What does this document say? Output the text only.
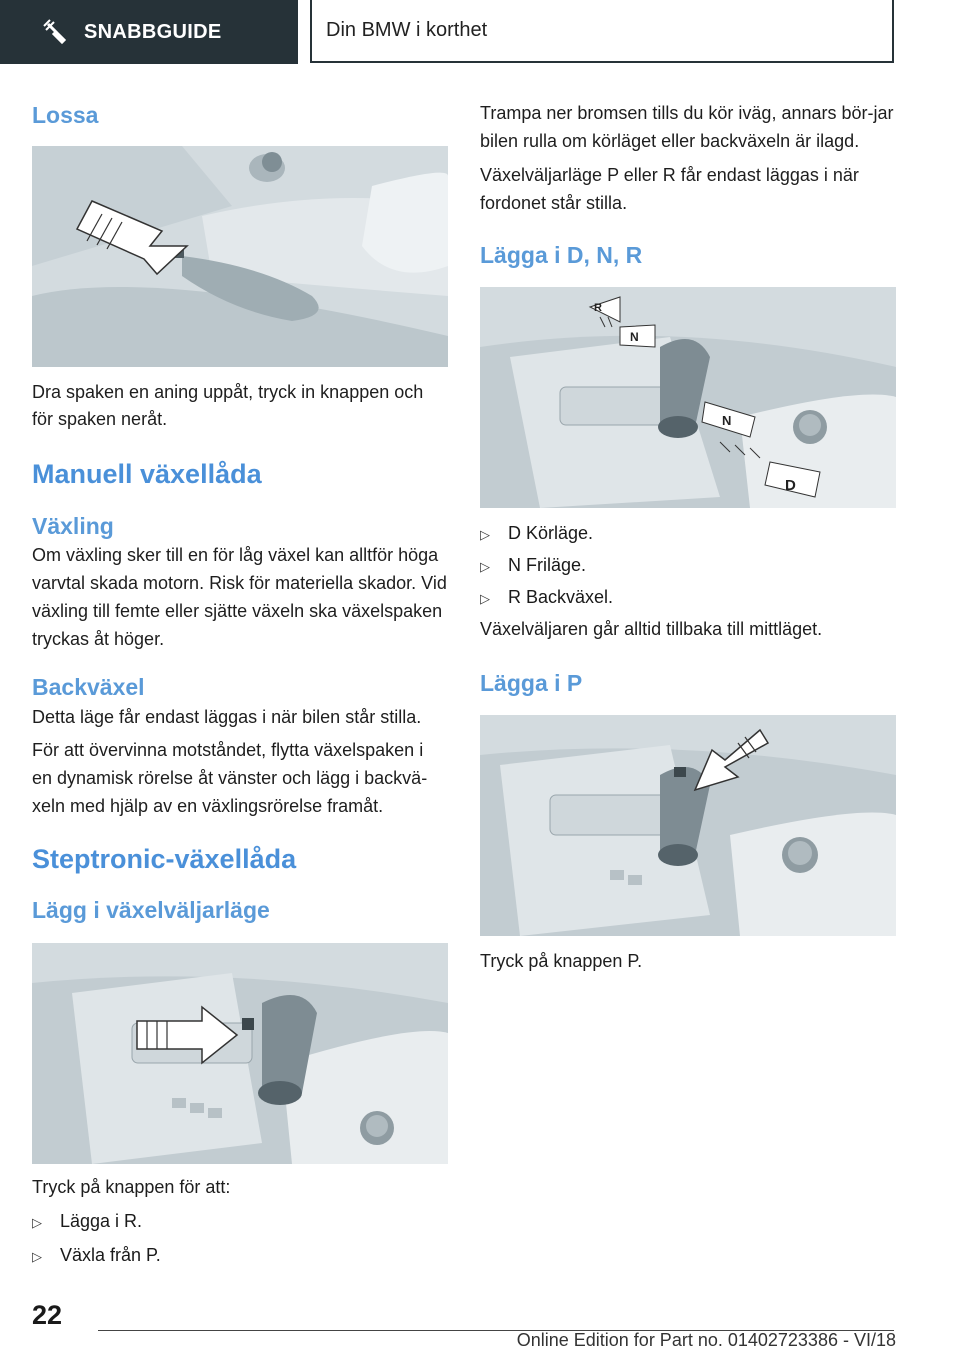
SNABBGUIDE	Din BMW i korthet
Lossa

Dra spaken en aning uppåt, tryck in knappen och för spaken neråt.

Manuell växellåda
Växling

Om växling sker till en för låg växel kan alltför höga varvtal skada motorn. Risk för materiella skador. Vid växling till femte eller sjätte växeln ska växelspaken tryckas åt höger.

Backväxel

Detta läge får endast läggas i när bilen står stilla.

För att övervinna motståndet, flytta växelspaken i en dynamisk rörelse åt vänster och lägg i backvä-xeln med hjälp av en växlingsrörelse framåt.

Steptronic-växellåda
Lägg i växelväljarläge

Tryck på knappen för att:

▷	Lägga i R.
▷	Växla från P.

Trampa ner bromsen tills du kör iväg, annars bör-jar bilen rulla om körläget eller backväxeln är ilagd.

Växelväljarläge P eller R får endast läggas i när fordonet står stilla.

Lägga i D, N, R
R
N
N
D
▷	D Körläge.
▷	N Friläge.
▷	R Backväxel.

Växelväljaren går alltid tillbaka till mittläget.

Lägga i P

Tryck på knappen P.

22
Online Edition for Part no. 01402723386 - VI/18
